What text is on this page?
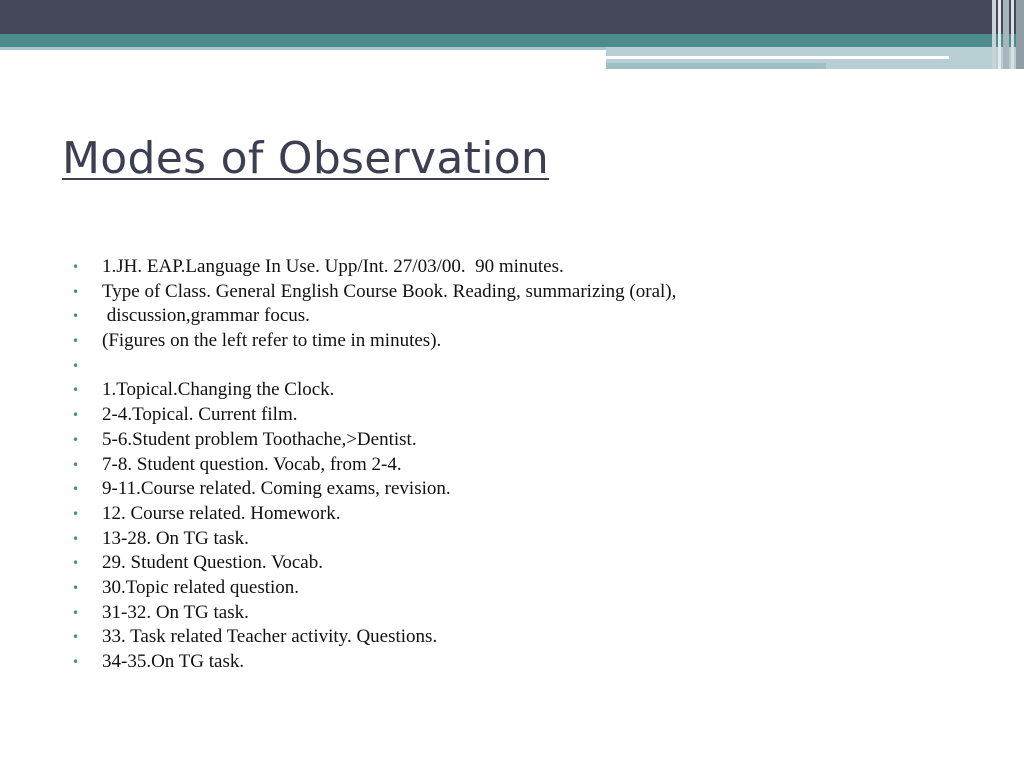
Modes of Observation
• 1.JH. EAP.Language In Use. Upp/Int. 27/03/00.  90 minutes.
• Type of Class. General English Course Book. Reading, summarizing (oral),
• discussion,grammar focus.
• (Figures on the left refer to time in minutes).
•
• 1.Topical.Changing the Clock.
• 2-4.Topical. Current film.
• 5-6.Student problem Toothache,>Dentist.
• 7-8. Student question. Vocab, from 2-4.
• 9-11.Course related. Coming exams, revision.
• 12. Course related. Homework.
• 13-28. On TG task.
• 29. Student Question. Vocab.
• 30.Topic related question.
• 31-32. On TG task.
• 33. Task related Teacher activity. Questions.
• 34-35.On TG task.
